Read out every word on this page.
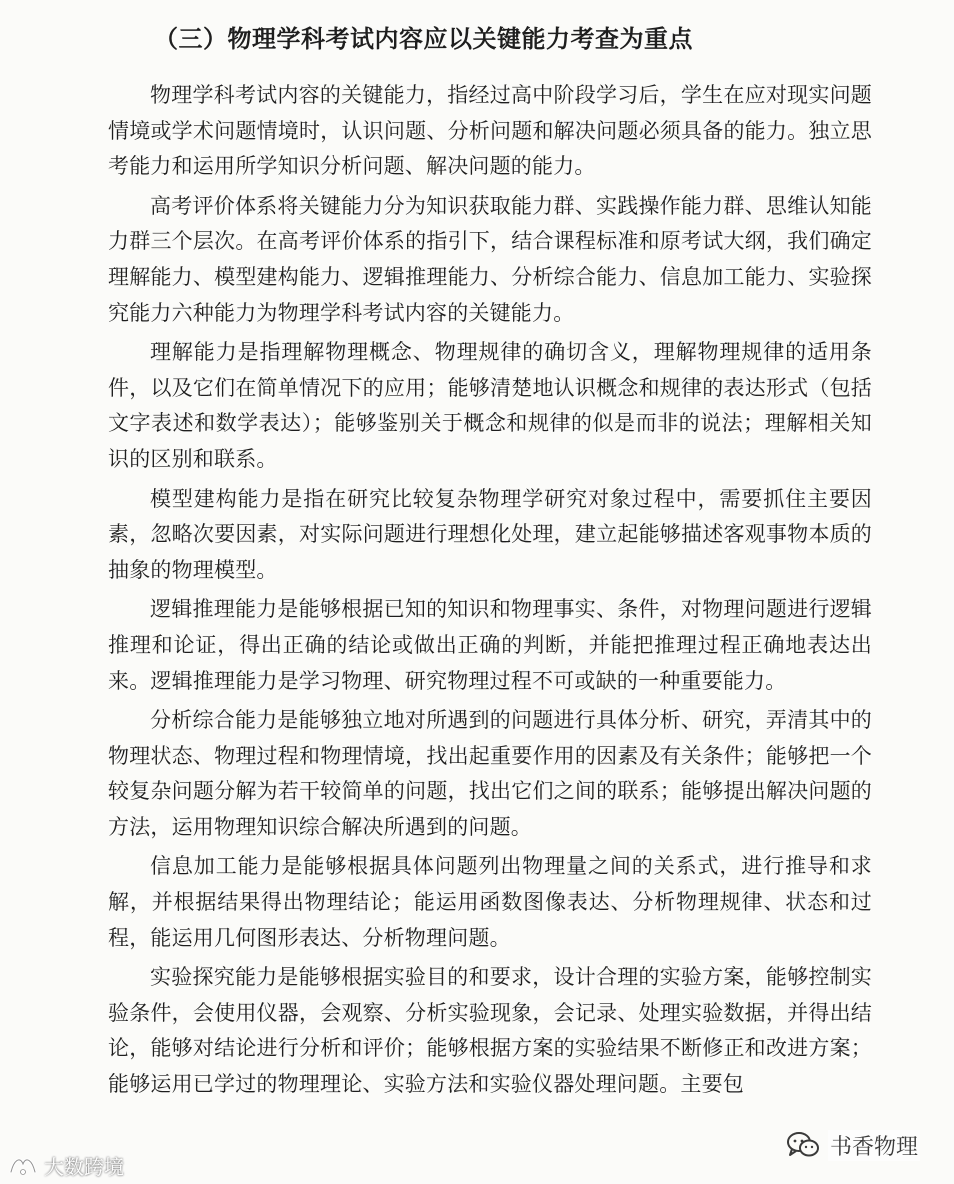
（三）物理学科考试内容应以关键能力考查为重点

物理学科考试内容的关键能力，指经过高中阶段学习后，学生在应对现实问题情境或学术问题情境时，认识问题、分析问题和解决问题必须具备的能力。独立思考能力和运用所学知识分析问题、解决问题的能力。

高考评价体系将关键能力分为知识获取能力群、实践操作能力群、思维认知能力群三个层次。在高考评价体系的指引下，结合课程标准和原考试大纲，我们确定理解能力、模型建构能力、逻辑推理能力、分析综合能力、信息加工能力、实验探究能力六种能力为物理学科考试内容的关键能力。

理解能力是指理解物理概念、物理规律的确切含义，理解物理规律的适用条件，以及它们在简单情况下的应用；能够清楚地认识概念和规律的表达形式（包括文字表述和数学表达）；能够鉴别关于概念和规律的似是而非的说法；理解相关知识的区别和联系。

模型建构能力是指在研究比较复杂物理学研究对象过程中，需要抓住主要因素，忽略次要因素，对实际问题进行理想化处理，建立起能够描述客观事物本质的抽象的物理模型。

逻辑推理能力是能够根据已知的知识和物理事实、条件，对物理问题进行逻辑推理和论证，得出正确的结论或做出正确的判断，并能把推理过程正确地表达出来。逻辑推理能力是学习物理、研究物理过程不可或缺的一种重要能力。

分析综合能力是能够独立地对所遇到的问题进行具体分析、研究，弄清其中的物理状态、物理过程和物理情境，找出起重要作用的因素及有关条件；能够把一个较复杂问题分解为若干较简单的问题，找出它们之间的联系；能够提出解决问题的方法，运用物理知识综合解决所遇到的问题。

信息加工能力是能够根据具体问题列出物理量之间的关系式，进行推导和求解，并根据结果得出物理结论；能运用函数图像表达、分析物理规律、状态和过程，能运用几何图形表达、分析物理问题。

实验探究能力是能够根据实验目的和要求，设计合理的实验方案，能够控制实验条件，会使用仪器，会观察、分析实验现象，会记录、处理实验数据，并得出结论，能够对结论进行分析和评价；能够根据方案的实验结果不断修正和改进方案；能够运用已学过的物理理论、实验方法和实验仪器处理问题。主要包

大数跨境
书香物理
